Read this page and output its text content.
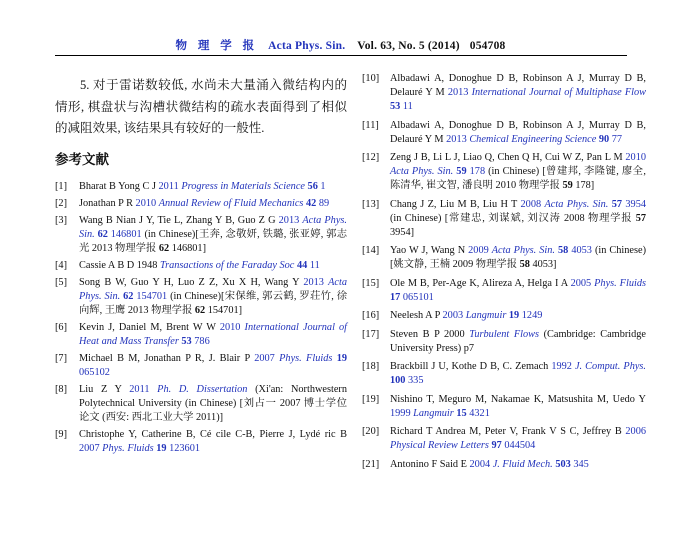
物 理 学 报 Acta Phys. Sin. Vol. 63, No. 5 (2014) 054708

5. 对于雷诺数较低, 水尚未大量涌入微结构内的情形, 棋盘状与沟槽状微结构的疏水表面得到了相似的减阻效果, 该结果具有较好的一般性.

参考文献
[1]	Bharat B Yong C J 2011 Progress in Materials Science 56 1
[2]	Jonathan P R 2010 Annual Review of Fluid Mechanics 42 89
[3]	Wang B Nian J Y, Tie L, Zhang Y B, Guo Z G 2013 Acta Phys. Sin. 62 146801 (in Chinese)[王奔, 念敬妍, 铁璐, 张亚婷, 郭志光 2013 物理学报 62 146801]
[4]	Cassie A B D 1948 Transactions of the Faraday Soc 44 11
[5]	Song B W, Guo Y H, Luo Z Z, Xu X H, Wang Y 2013 Acta Phys. Sin. 62 154701 (in Chinese)[宋保维, 郭云鹤, 罗荘竹, 徐向辉, 王鹰 2013 物理学报 62 154701]
[6]	Kevin J, Daniel M, Brent W W 2010 International Journal of Heat and Mass Transfer 53 786
[7]	Michael B M, Jonathan P R, J. Blair P 2007 Phys. Fluids 19 065102
[8]	Liu Z Y 2011 Ph. D. Dissertation (Xi'an: Northwestern Polytechnical University (in Chinese) [刘占一 2007 博士学位论文 (西安: 西北工业大学 2011)]
[9]	Christophe Y, Catherine B, Cé cile C-B, Pierre J, Lydé ric B 2007 Phys. Fluids 19 123601
[10]	Albadawi A, Donoghue D B, Robinson A J, Murray D B, Delauré Y M 2013 International Journal of Multiphase Flow 53 11
[11]	Albadawi A, Donoghue D B, Robinson A J, Murray D B, Delauré Y M 2013 Chemical Engineering Science 90 77
[12]	Zeng J B, Li L J, Liao Q, Chen Q H, Cui W Z, Pan L M 2010 Acta Phys. Sin. 59 178 (in Chinese) [曾建邦, 李隆键, 廖全, 陈清华, 崔文智, 潘良明 2010 物理学报 59 178]
[13]	Chang J Z, Liu M B, Liu H T 2008 Acta Phys. Sin. 57 3954 (in Chinese) [常建忠, 刘谋斌, 刘汉涛 2008 物理学报 57 3954]
[14]	Yao W J, Wang N 2009 Acta Phys. Sin. 58 4053 (in Chinese) [姚文静, 王楠 2009 物理学报 58 4053]
[15]	Ole M B, Per-Age K, Alireza A, Helga I A 2005 Phys. Fluids 17 065101
[16]	Neelesh A P 2003 Langmuir 19 1249
[17]	Steven B P 2000 Turbulent Flows (Cambridge: Cambridge University Press) p7
[18]	Brackbill J U, Kothe D B, C. Zemach 1992 J. Comput. Phys. 100 335
[19]	Nishino T, Meguro M, Nakamae K, Matsushita M, Uedo Y 1999 Langmuir 15 4321
[20]	Richard T Andrea M, Peter V, Frank V S C, Jeffrey B 2006 Physical Review Letters 97 044504
[21]	Antonino F Said E 2004 J. Fluid Mech. 503 345
